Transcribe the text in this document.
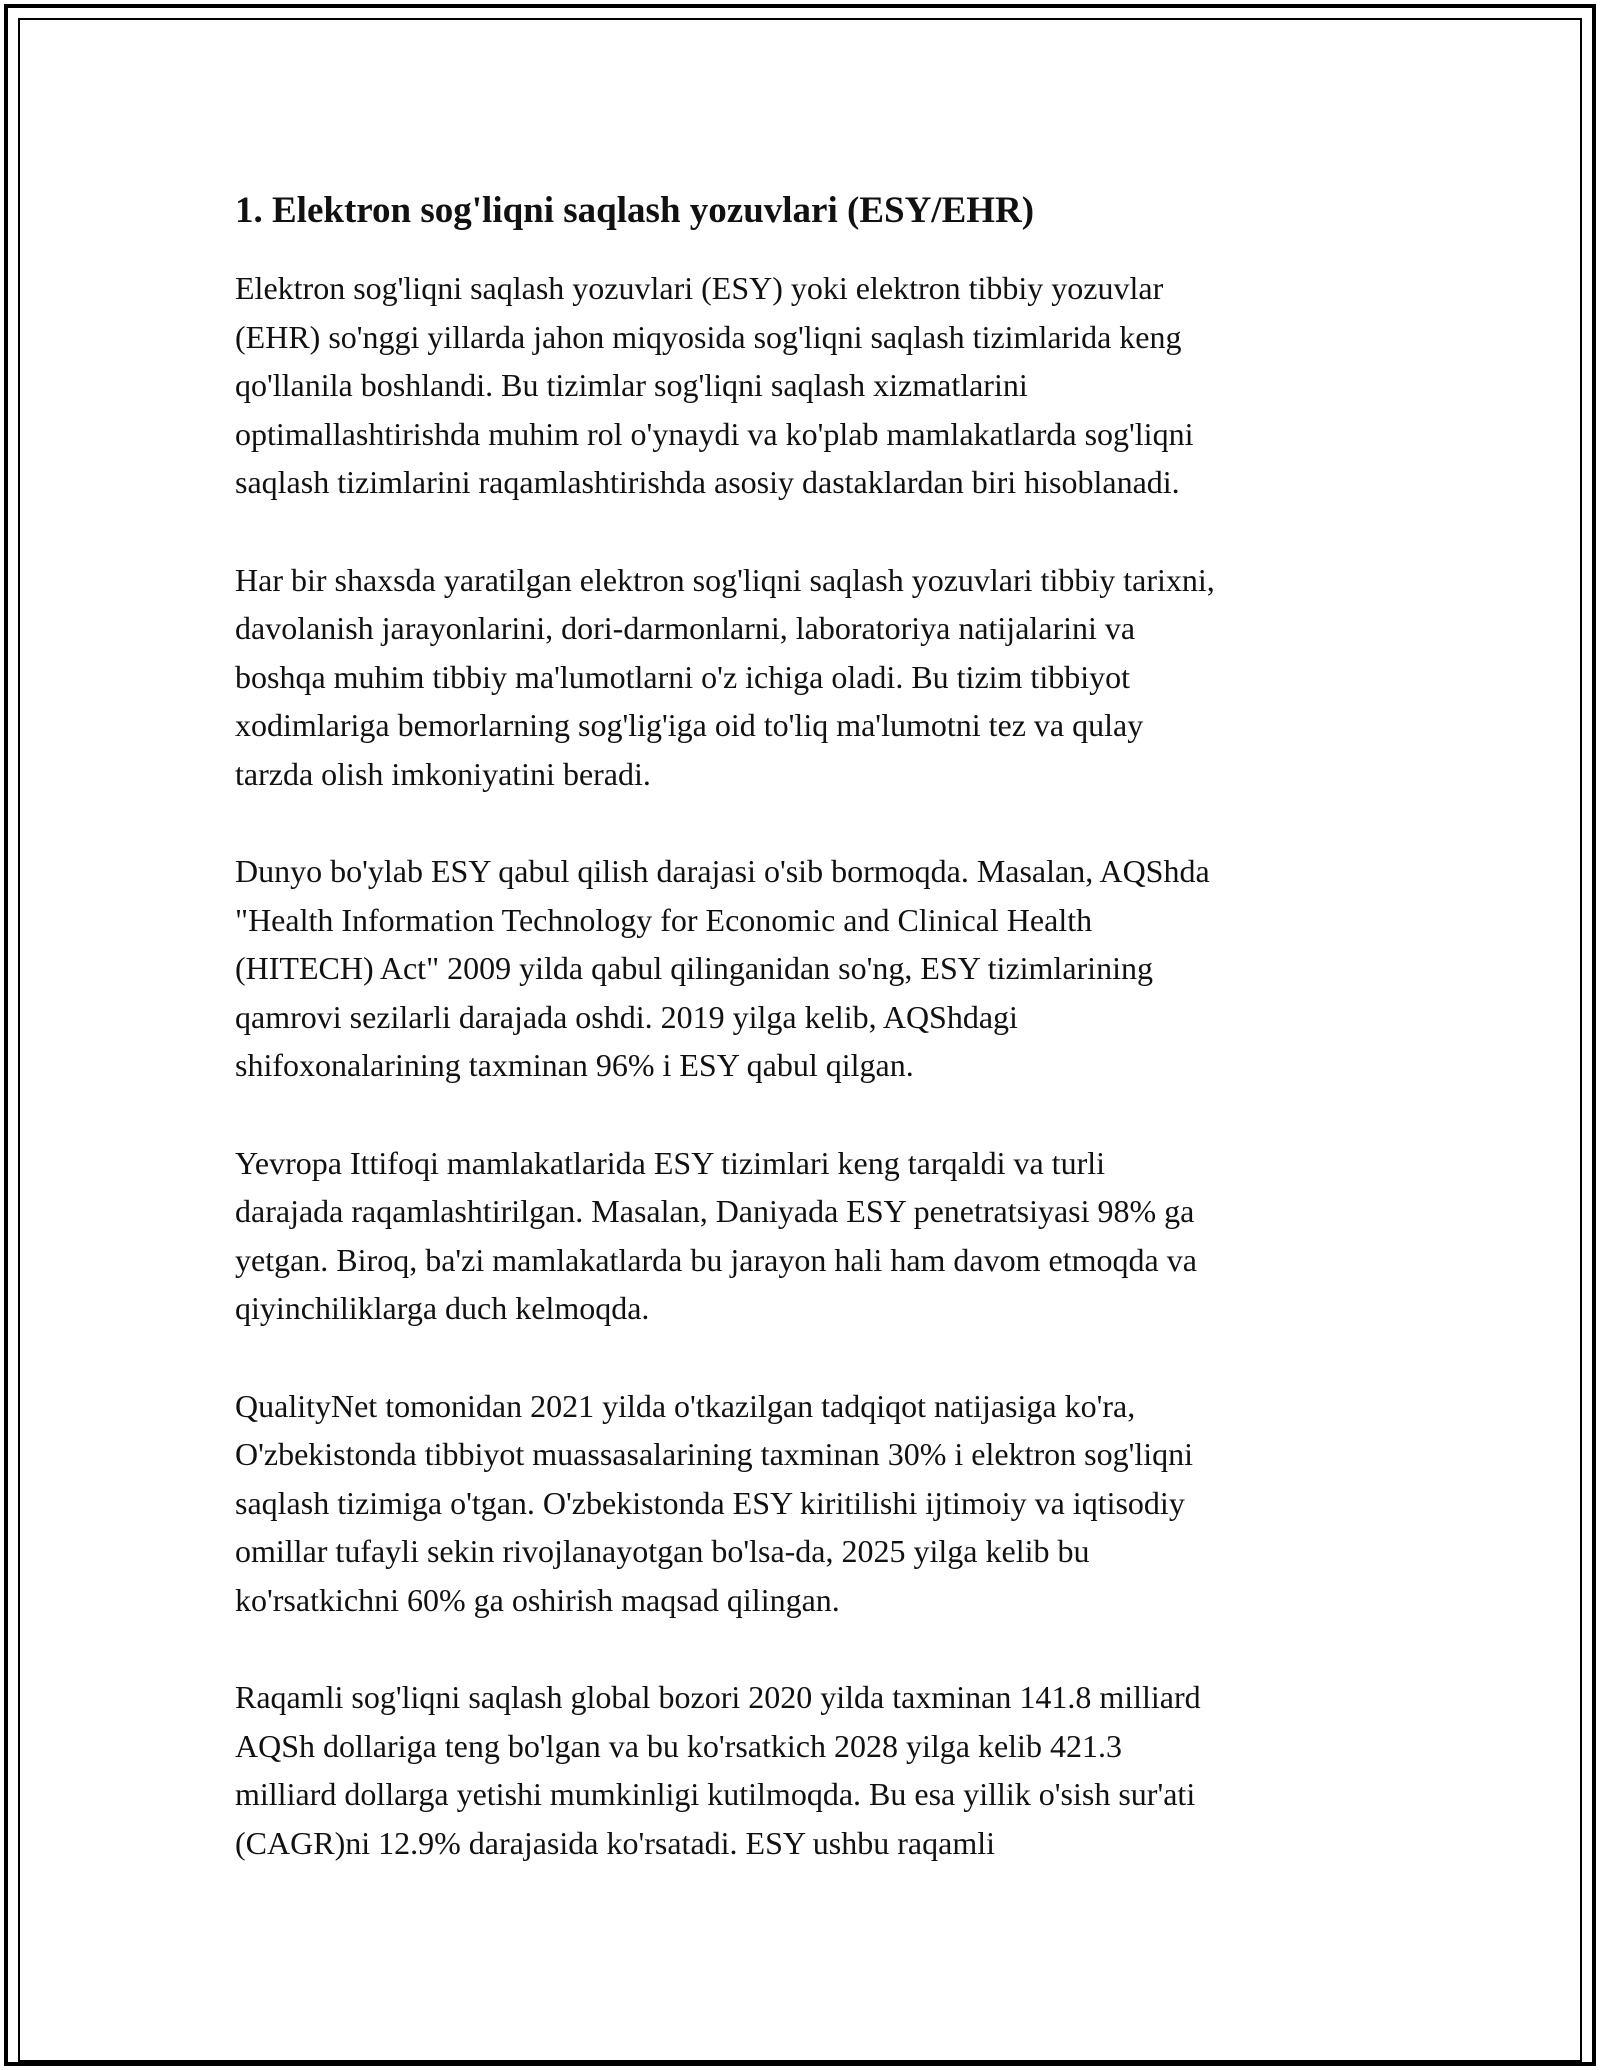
1. Elektron sog'liqni saqlash yozuvlari (ESY/EHR)

Elektron sog'liqni saqlash yozuvlari (ESY) yoki elektron tibbiy yozuvlar
(EHR) so'nggi yillarda jahon miqyosida sog'liqni saqlash tizimlarida keng
qo'llanila boshlandi. Bu tizimlar sog'liqni saqlash xizmatlarini
optimallashtirishda muhim rol o'ynaydi va ko'plab mamlakatlarda sog'liqni
saqlash tizimlarini raqamlashtirishda asosiy dastaklardan biri hisoblanadi.

Har bir shaxsda yaratilgan elektron sog'liqni saqlash yozuvlari tibbiy tarixni,
davolanish jarayonlarini, dori-darmonlarni, laboratoriya natijalarini va
boshqa muhim tibbiy ma'lumotlarni o'z ichiga oladi. Bu tizim tibbiyot
xodimlariga bemorlarning sog'lig'iga oid to'liq ma'lumotni tez va qulay
tarzda olish imkoniyatini beradi.

Dunyo bo'ylab ESY qabul qilish darajasi o'sib bormoqda. Masalan, AQShda
"Health Information Technology for Economic and Clinical Health
(HITECH) Act" 2009 yilda qabul qilinganidan so'ng, ESY tizimlarining
qamrovi sezilarli darajada oshdi. 2019 yilga kelib, AQShdagi
shifoxonalarining taxminan 96% i ESY qabul qilgan.

Yevropa Ittifoqi mamlakatlarida ESY tizimlari keng tarqaldi va turli
darajada raqamlashtirilgan. Masalan, Daniyada ESY penetratsiyasi 98% ga
yetgan. Biroq, ba'zi mamlakatlarda bu jarayon hali ham davom etmoqda va
qiyinchiliklarga duch kelmoqda.

QualityNet tomonidan 2021 yilda o'tkazilgan tadqiqot natijasiga ko'ra,
O'zbekistonda tibbiyot muassasalarining taxminan 30% i elektron sog'liqni
saqlash tizimiga o'tgan. O'zbekistonda ESY kiritilishi ijtimoiy va iqtisodiy
omillar tufayli sekin rivojlanayotgan bo'lsa-da, 2025 yilga kelib bu
ko'rsatkichni 60% ga oshirish maqsad qilingan.

Raqamli sog'liqni saqlash global bozori 2020 yilda taxminan 141.8 milliard
AQSh dollariga teng bo'lgan va bu ko'rsatkich 2028 yilga kelib 421.3
milliard dollarga yetishi mumkinligi kutilmoqda. Bu esa yillik o'sish sur'ati
(CAGR)ni 12.9% darajasida ko'rsatadi. ESY ushbu raqamli
